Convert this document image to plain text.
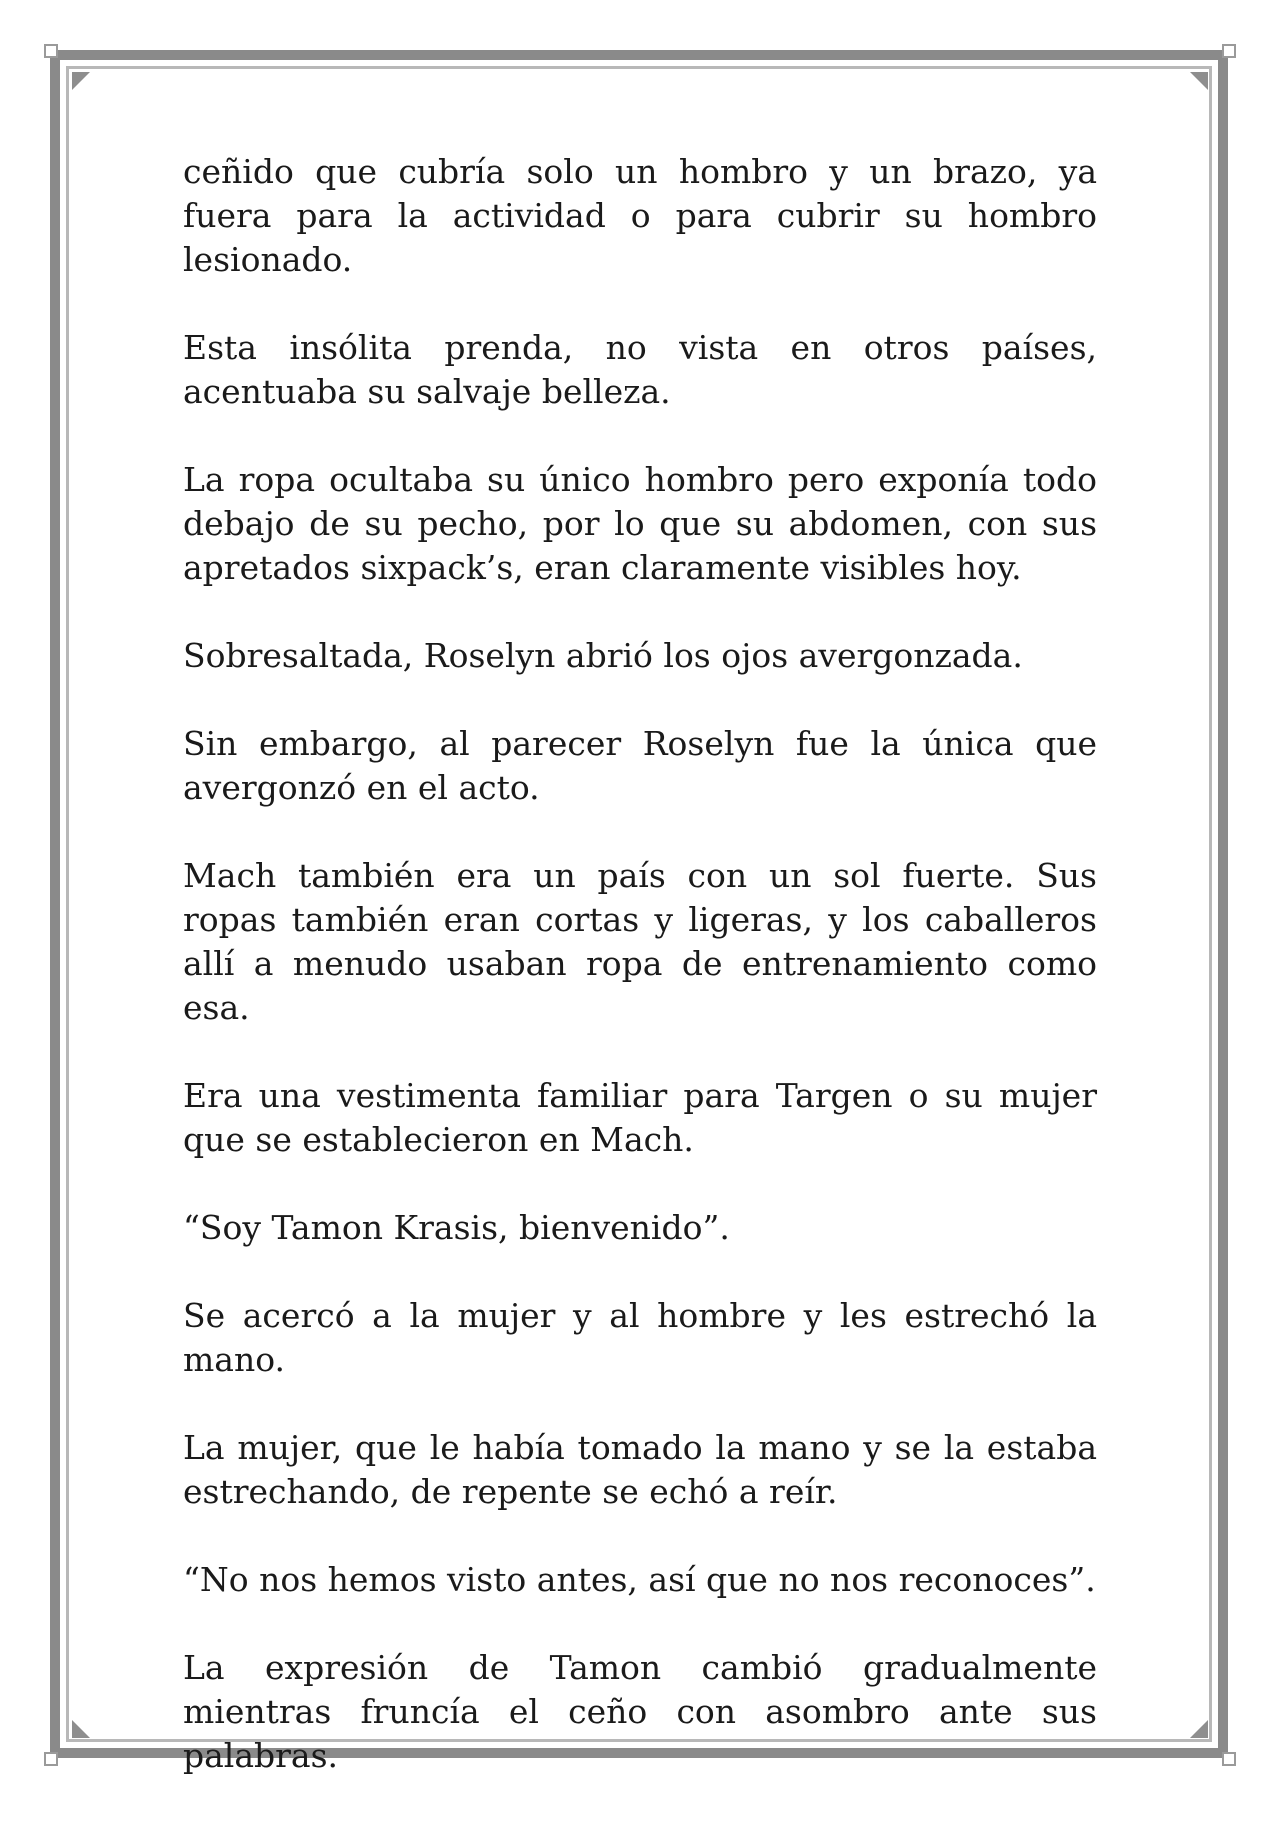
ceñido que cubría solo un hombro y un brazo, ya fuera para la actividad o para cubrir su hombro lesionado.

Esta insólita prenda, no vista en otros países, acentuaba su salvaje belleza.

La ropa ocultaba su único hombro pero exponía todo debajo de su pecho, por lo que su abdomen, con sus apretados sixpack’s, eran claramente visibles hoy.

Sobresaltada, Roselyn abrió los ojos avergonzada.

Sin embargo, al parecer Roselyn fue la única que avergonzó en el acto.

Mach también era un país con un sol fuerte. Sus ropas también eran cortas y ligeras, y los caballeros allí a menudo usaban ropa de entrenamiento como esa.

Era una vestimenta familiar para Targen o su mujer que se establecieron en Mach.

“Soy Tamon Krasis, bienvenido”.

Se acercó a la mujer y al hombre y les estrechó la mano.

La mujer, que le había tomado la mano y se la estaba estrechando, de repente se echó a reír.

“No nos hemos visto antes, así que no nos reconoces”.

La expresión de Tamon cambió gradualmente mientras fruncía el ceño con asombro ante sus palabras.
